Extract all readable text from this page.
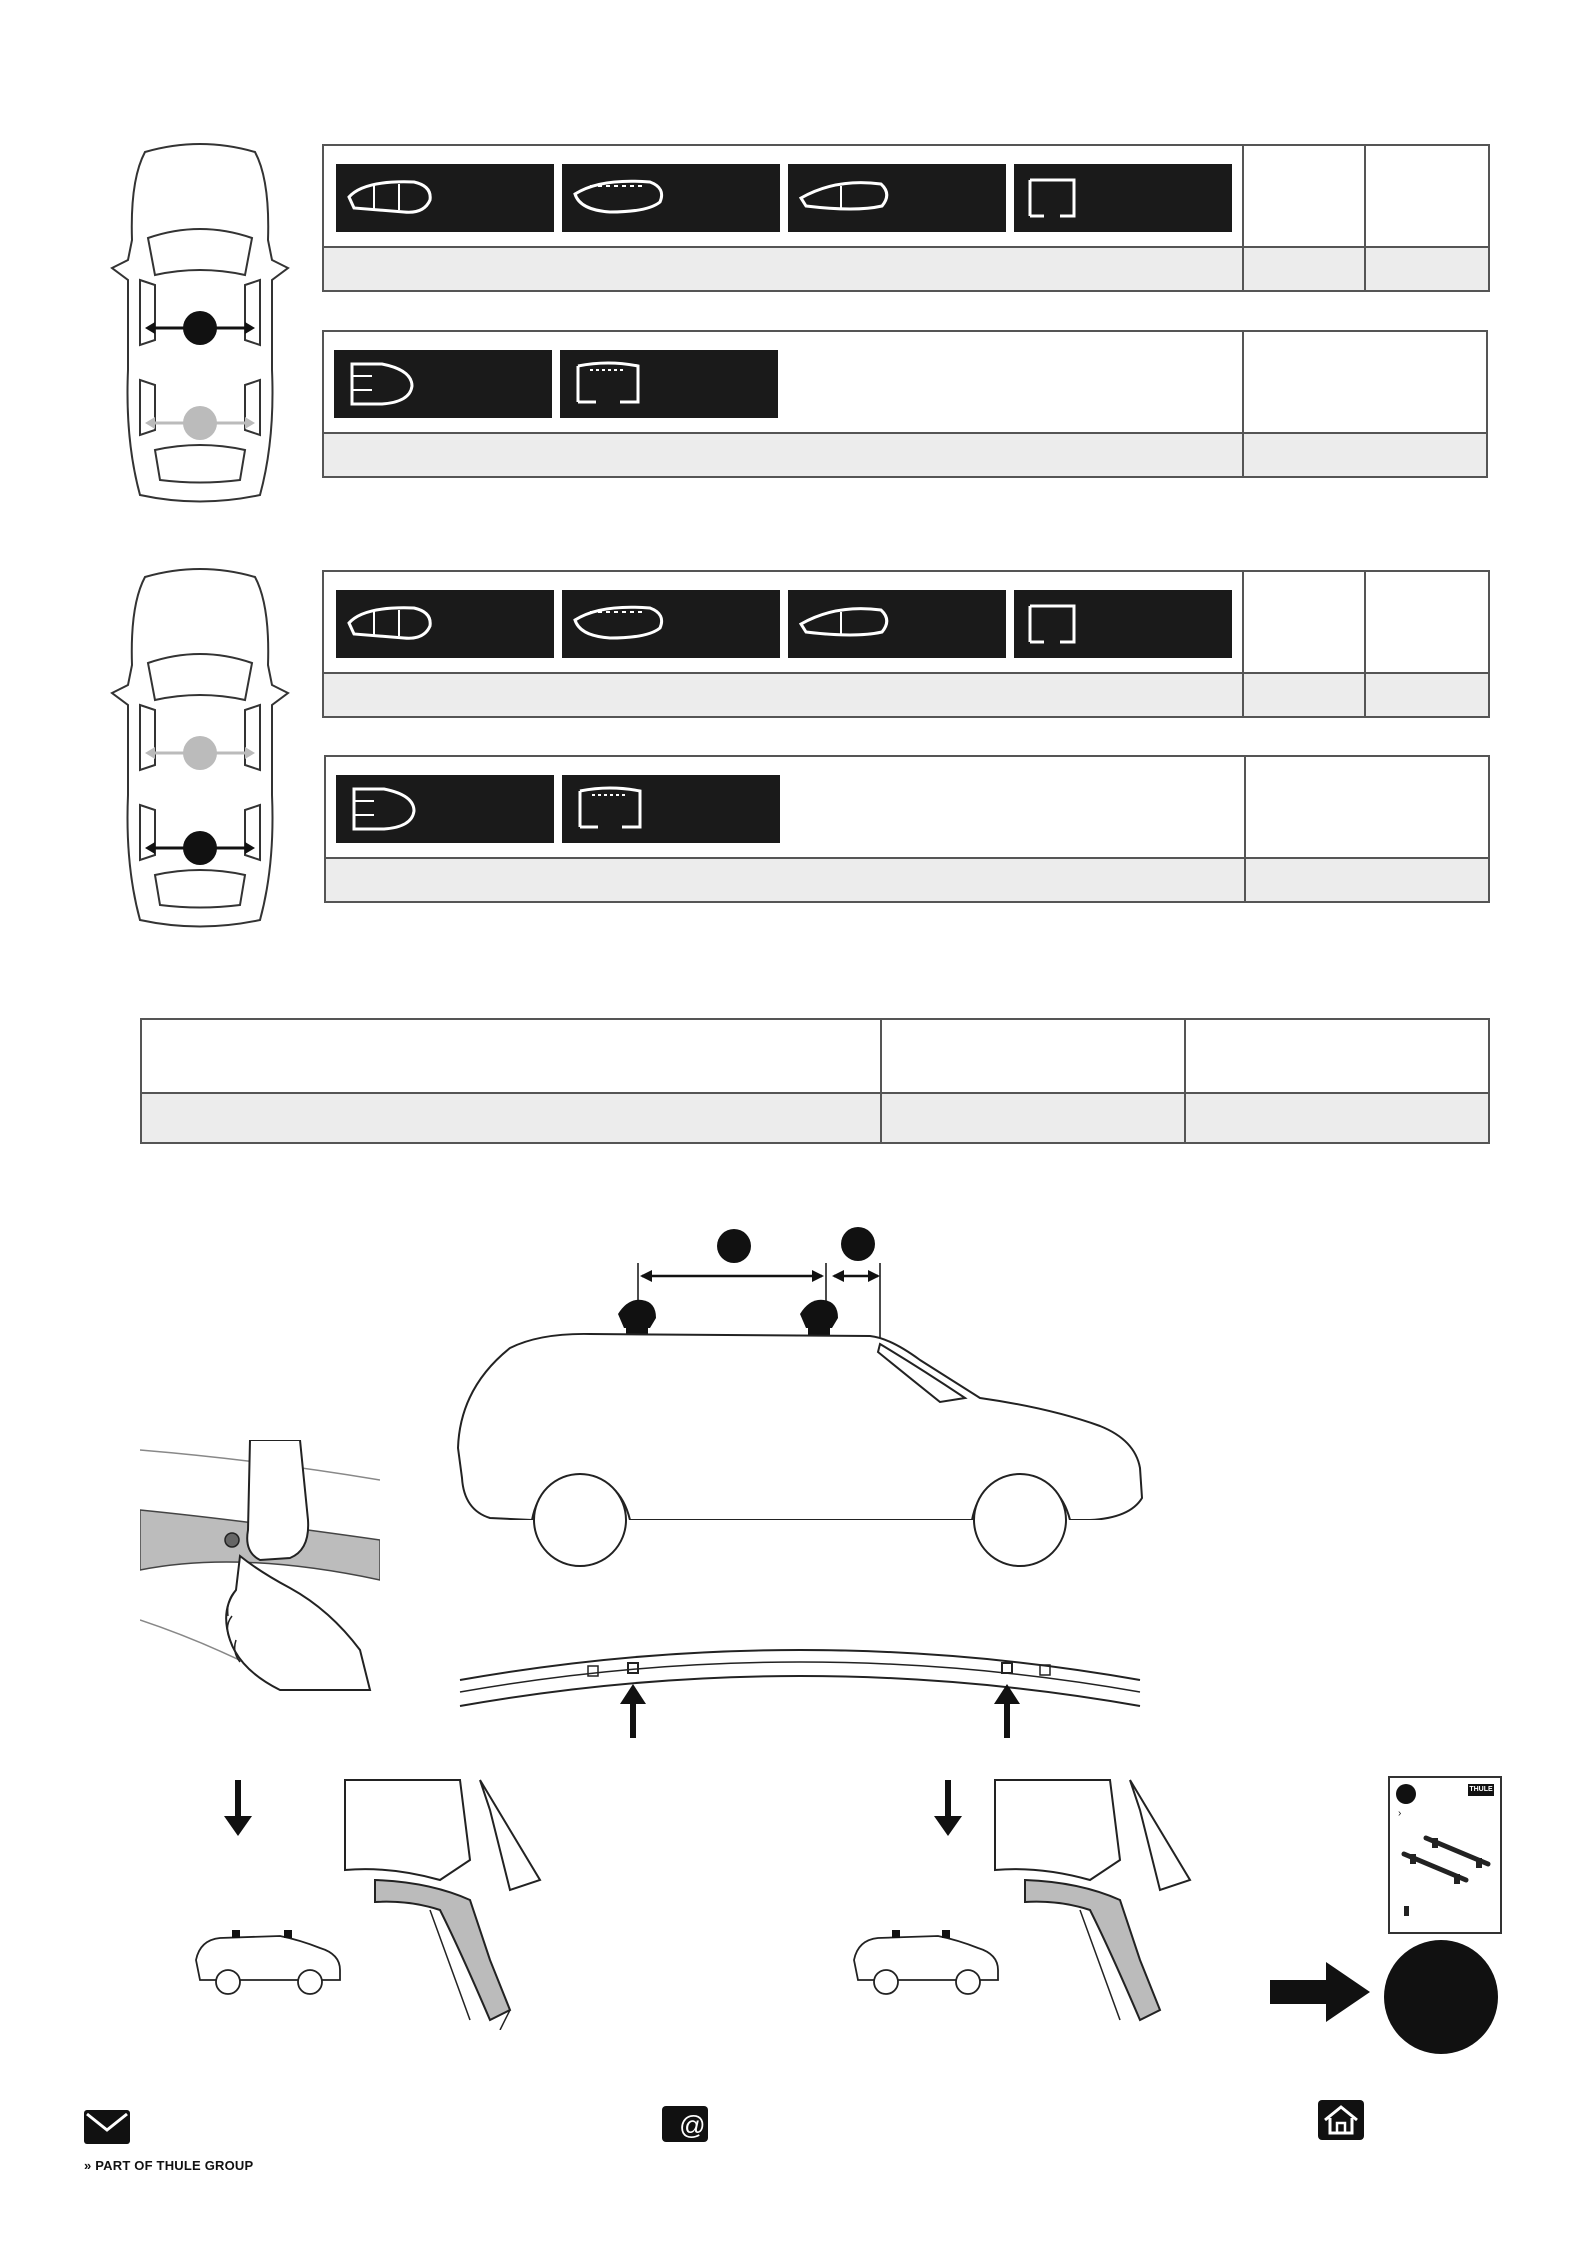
THULE
›
» PART OF THULE GROUP
@
